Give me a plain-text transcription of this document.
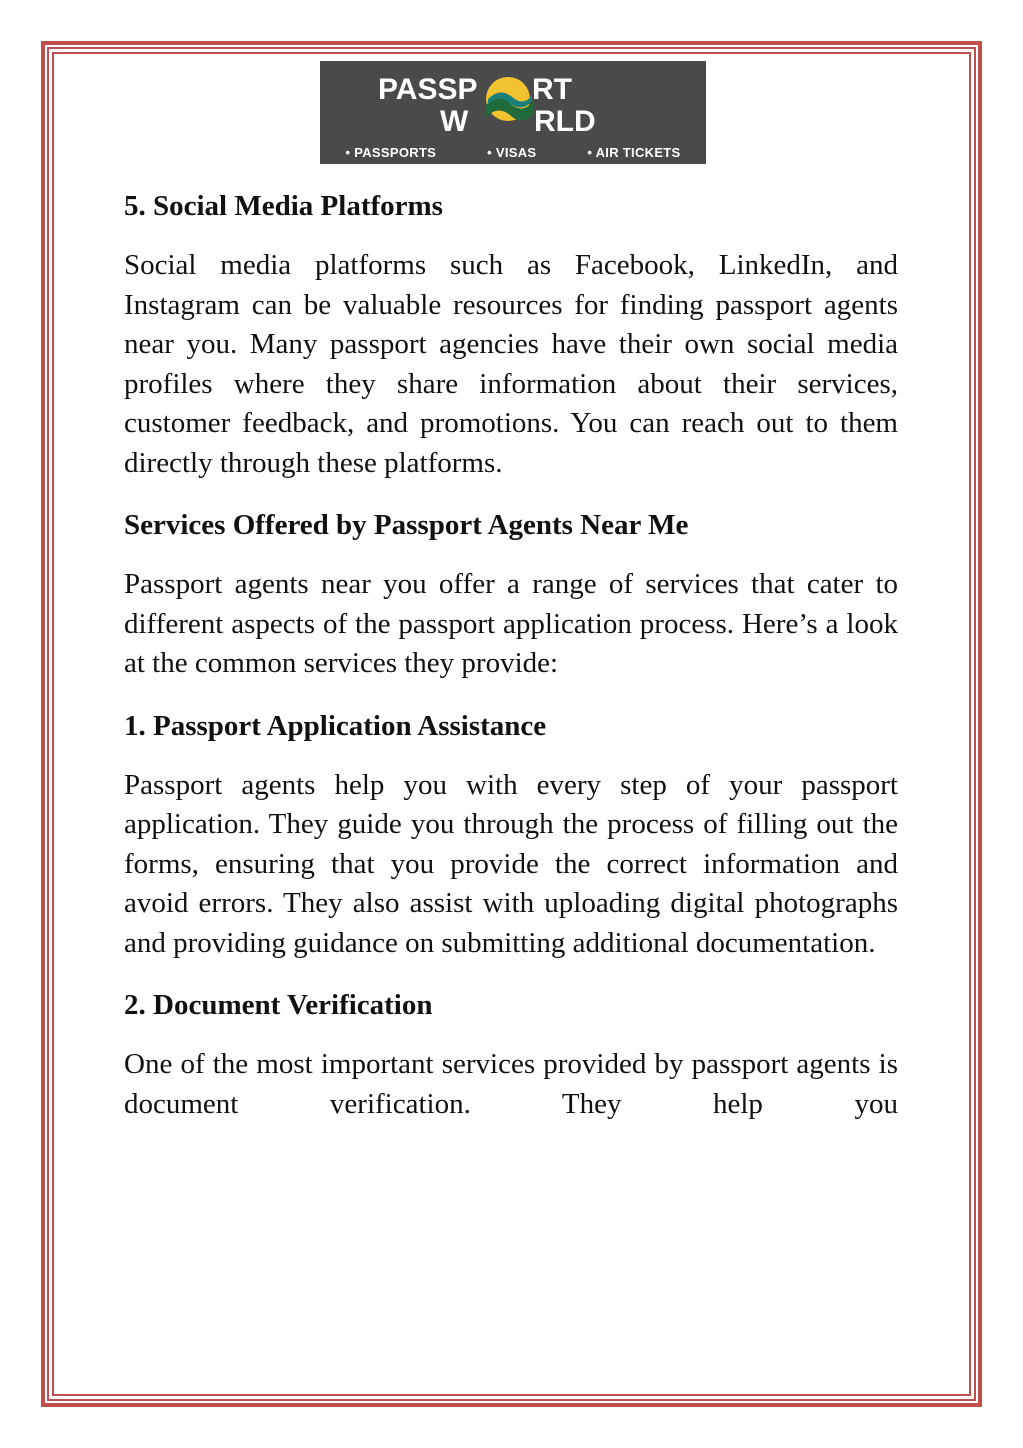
PASSP RT
W RLD
• PASSPORTS	• VISAS	• AIR TICKETS
5. Social Media Platforms

Social media platforms such as Facebook, LinkedIn, and Instagram can be valuable resources for finding passport agents near you. Many passport agencies have their own social media profiles where they share information about their services, customer feedback, and promotions. You can reach out to them directly through these platforms.

Services Offered by Passport Agents Near Me

Passport agents near you offer a range of services that cater to different aspects of the passport application process. Here’s a look at the common services they provide:

1. Passport Application Assistance

Passport agents help you with every step of your passport application. They guide you through the process of filling out the forms, ensuring that you provide the correct information and avoid errors. They also assist with uploading digital photographs and providing guidance on submitting additional documentation.

2. Document Verification

One of the most important services provided by passport agents is document verification. They help you
